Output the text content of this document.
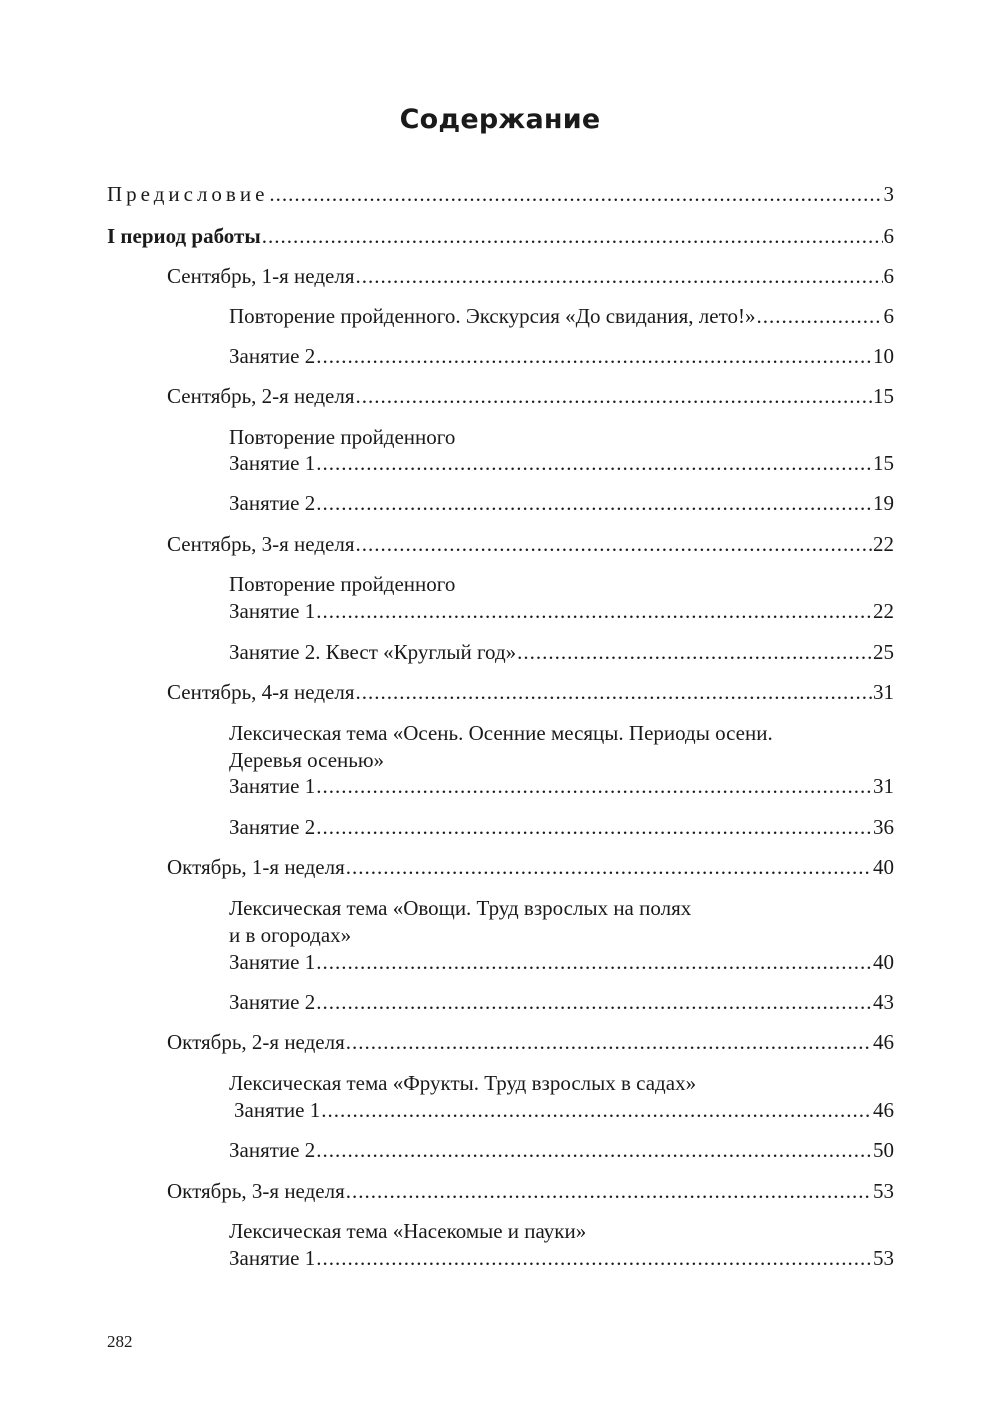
Содержание
Предисловие .....	3
I период работы .....	6
Сентябрь, 1-я неделя .....	6
Повторение пройденного. Экскурсия «До свидания, лето!» .....	6
Занятие 2 .....	10
Сентябрь, 2-я неделя .....	15
Повторение пройденного
Занятие 1 .....	15
Занятие 2 .....	19
Сентябрь, 3-я неделя .....	22
Повторение пройденного
Занятие 1 .....	22
Занятие 2. Квест «Круглый год» .....	25
Сентябрь, 4-я неделя .....	31
Лексическая тема «Осень. Осенние месяцы. Периоды осени.
Деревья осенью»
Занятие 1 .....	31
Занятие 2 .....	36
Октябрь, 1-я неделя .....	40
Лексическая тема «Овощи. Труд взрослых на полях
и в огородах»
Занятие 1 .....	40
Занятие 2 .....	43
Октябрь, 2-я неделя .....	46
Лексическая тема «Фрукты. Труд взрослых в садах»
Занятие 1 .....	46
Занятие 2 .....	50
Октябрь, 3-я неделя .....	53
Лексическая тема «Насекомые и пауки»
Занятие 1 .....	53
282
